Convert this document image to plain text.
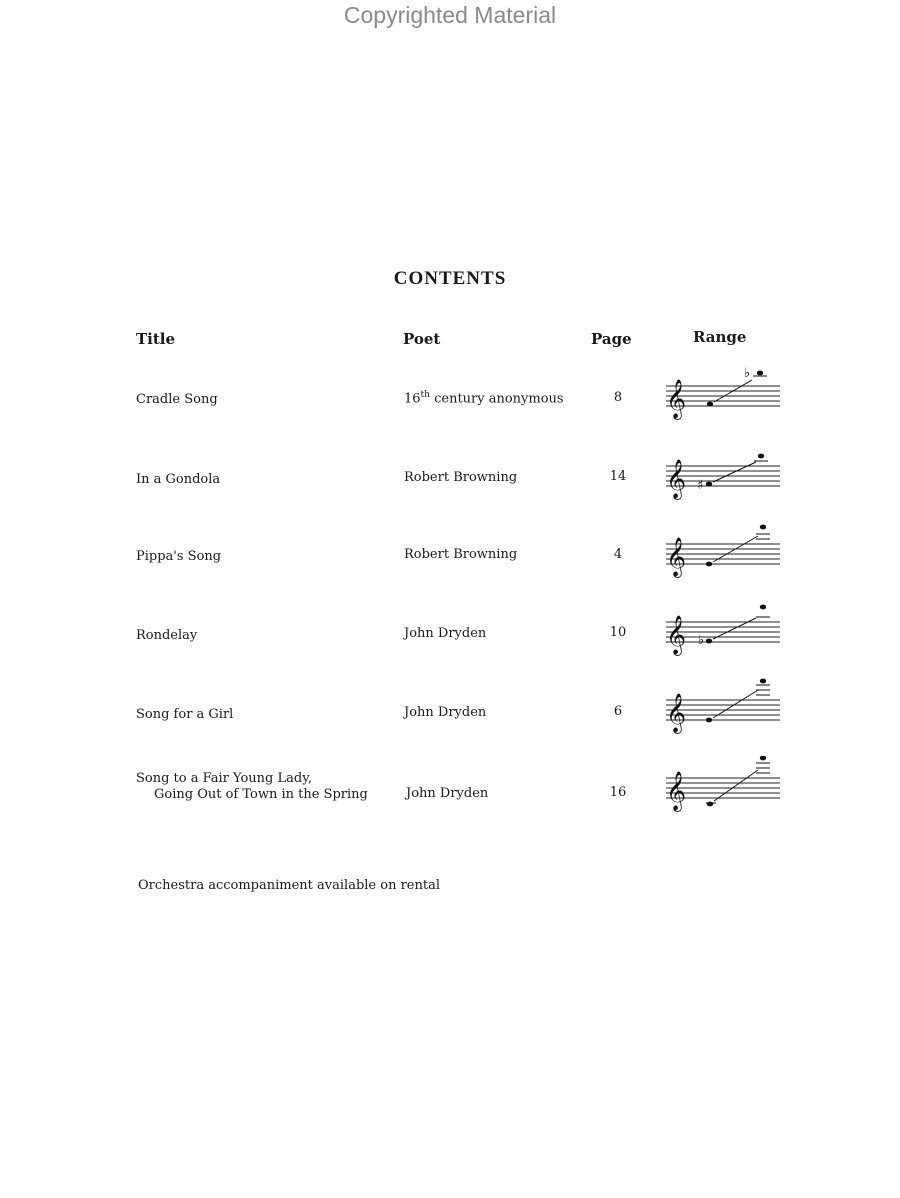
Copyrighted Material
CONTENTS
Title	Poet	Page	Range
Cradle Song	16th century anonymous	8	𝄞
♭
In a Gondola	Robert Browning	14	𝄞 ♯
Pippa's Song	Robert Browning	4	𝄞
Rondelay	John Dryden	10	𝄞 ♭
Song for a Girl	John Dryden	6	𝄞
Song to a Fair Young Lady,
Going Out of Town in the Spring	John Dryden	16	𝄞
Orchestra accompaniment available on rental
